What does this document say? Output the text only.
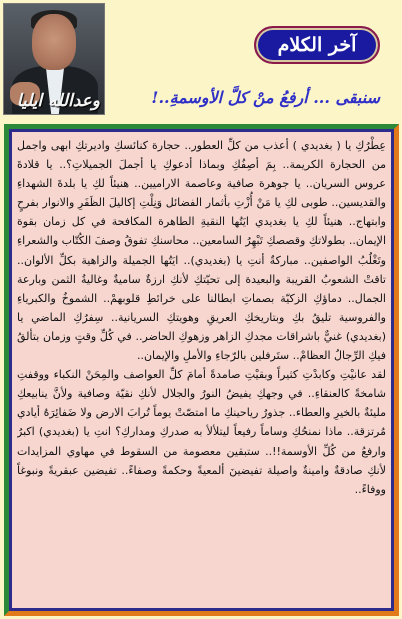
وعدالله ايليا
آخر الكلام
سنبقى ... أرفعُ منْ كلَّ الأوسمةِ..!

عِطْرُكِ يا ( بغديدي ) أعذب من كلِّ العطور.. حجارة كنائسكِ واديرتكِ ابهى واجمل من الحجارة الكريمة.. بِمَ أصِفُكِ وبماذا أدعوكِ يا أجملَ الجميلاتِ؟.. يا قلادةَ عروس السريان.. يا جوهرة صافية وعاصمة الاراميين.. هنيئاً لكِ يا بلدةَ الشهداءِ والقديسين.. طوبى لكِ يا مَنْ أُزْتِ بأثمار الفضائل وَنِلْتِ إكاليلَ الظَفَرِ والانوار بفرحٍ وابتهاج.. هنيئاً لكِ يا بغديدي ايَتُها النقيةِ الطاهرة المكافحة في كل زمان بقوة الإيمان.. بطولاتكِ وقصصكِ تَبْهِرُ السامعين.. محاسنكِ تفوقُ وصفَ الكُتّاب والشعراءِ وتَغْلُبُ الواصفين.. مباركةٌ أنتِ يا (بغديدي).. ايَتُها الجميلة والزاهية بكلِّ الألوان.. تاقتْ الشعوبُ القريبة والبعيدة إلى تحيّتكِ لأنكِ ارزةٌ ساميةٌ وغاليةُ الثمن وبارعة الجمال.. دماؤكِ الزكيّة بصماتِ ابطالنا على خرائطِ قلوبهمْ.. الشموخُ والكبرياءِ والفروسية تليقُ بكِ وبتاريخكِ العريقِ وهويتكِ السريانية.. سِفرُكِ الماضي يا (بغديدي) غنيٌّ باشراقات مجدكِ الزاهر وزهوكِ الحاضر.. في كُلِّ وقتٍ وزمان بتألقُ فيكِ الرِّجالُ العظامْ.. ستَرفلين بالرّجاءِ والأملِ والإيمان..

لقد عانيْتِ وكابدْتِ كثيراً وبقيْتِ صامدةً أمامَ كلِّ العواصف والمِحَنْ النكباء ووقفتِ شامخةً كالعنقاءِ.. في وجهكِ يفيضُ النورُ والجلال لأنكِ نقيّة وصافية ولأنَّ ينابيعكِ مليئةٌ بالخيرِ والعطاء.. جذورُ رياحينكِ ما امتصّتْ يوماً تُرابَ الارض ولا ضَفائِرَهُ أيادي مُرتزقة.. ماذا نمنحُكِ وساماً رفيعاً ليتلألأ به صدركِ ومداركِ؟ انتِ يا (بغديدي) اكبرُ وارفعُ من كُلِّ الأوسمة!!.. ستبقين معصومة من السقوط في مهاوي المزايدات لأنكِ صادقةٌ وامينةٌ واصيلة تفيضينَ ألمعيةً وحكمةً وصفاءً.. تفيضين عبقريةً ونبوغاً ووفاءً..
